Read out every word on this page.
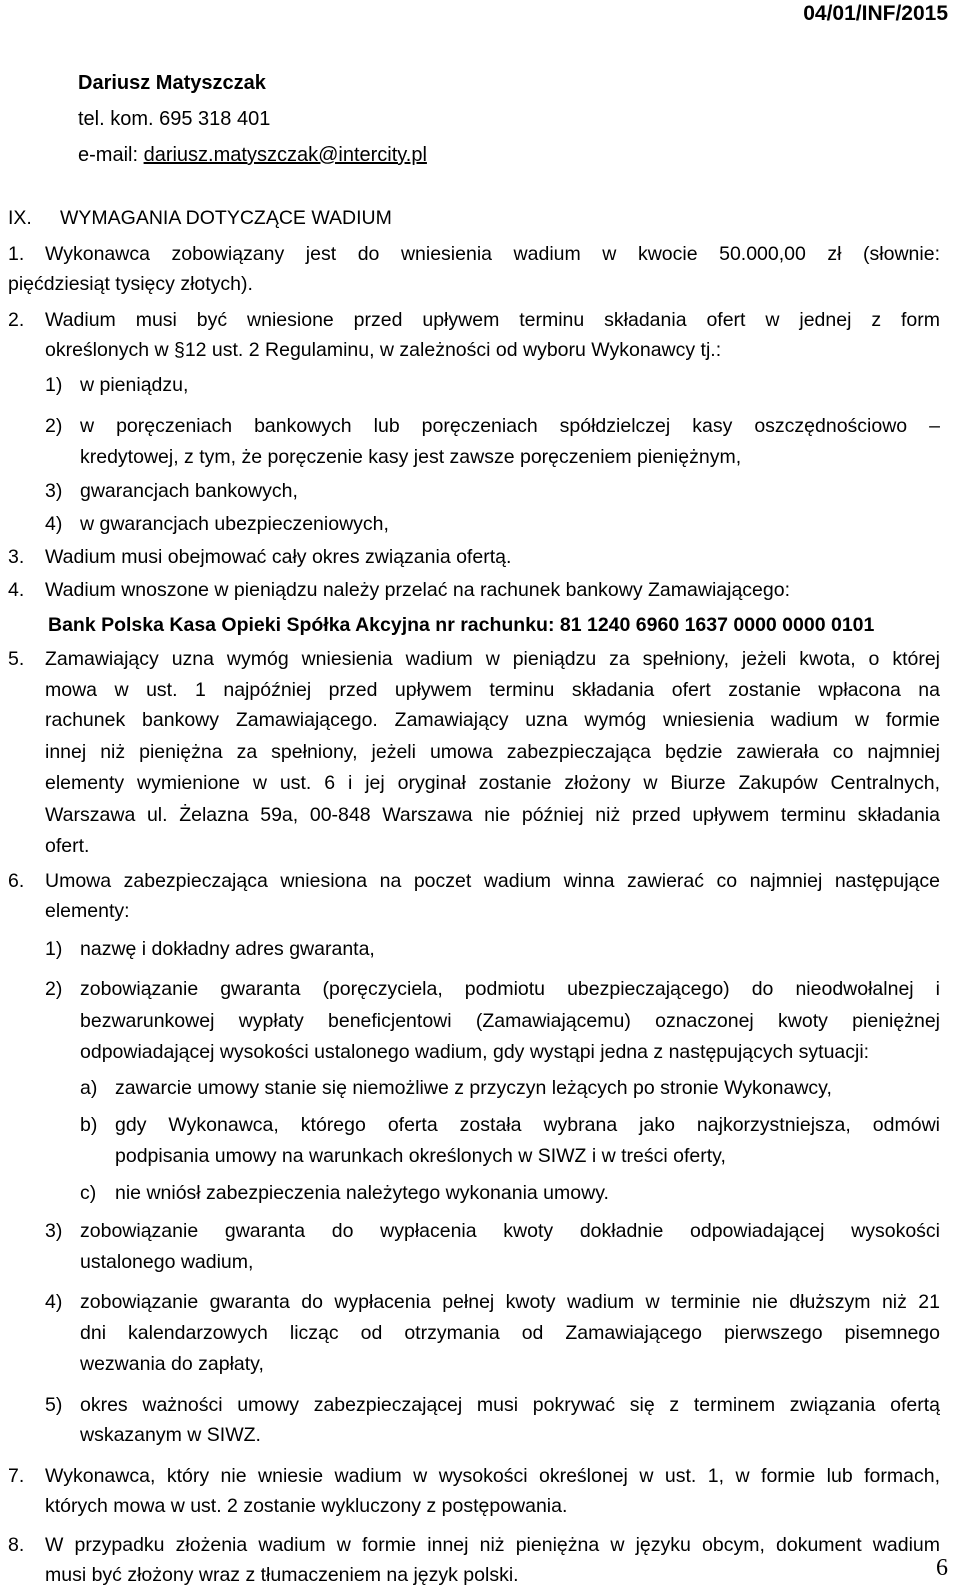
04/01/INF/2015
Dariusz Matyszczak
tel. kom. 695 318 401
e-mail: dariusz.matyszczak@intercity.pl
IX. WYMAGANIA DOTYCZĄCE WADIUM
1. Wykonawca zobowiązany jest do wniesienia wadium w kwocie 50.000,00 zł (słownie:
pięćdziesiąt tysięcy złotych).
2. Wadium musi być wniesione przed upływem terminu składania ofert w jednej z form
określonych w §12 ust. 2 Regulaminu, w zależności od wyboru Wykonawcy tj.:
1) w pieniądzu,
2) w poręczeniach bankowych lub poręczeniach spółdzielczej kasy oszczędnościowo –
kredytowej, z tym, że poręczenie kasy jest zawsze poręczeniem pieniężnym,
3) gwarancjach bankowych,
4) w gwarancjach ubezpieczeniowych,
3. Wadium musi obejmować cały okres związania ofertą.
4. Wadium wnoszone w pieniądzu należy przelać na rachunek bankowy Zamawiającego:
Bank Polska Kasa Opieki Spółka Akcyjna nr rachunku: 81 1240 6960 1637 0000 0000 0101
5. Zamawiający uzna wymóg wniesienia wadium w pieniądzu za spełniony, jeżeli kwota, o której
mowa w ust. 1 najpóźniej przed upływem terminu składania ofert zostanie wpłacona na
rachunek bankowy Zamawiającego. Zamawiający uzna wymóg wniesienia wadium w formie
innej niż pieniężna za spełniony, jeżeli umowa zabezpieczająca będzie zawierała co najmniej
elementy wymienione w ust. 6 i jej oryginał zostanie złożony w Biurze Zakupów Centralnych,
Warszawa ul. Żelazna 59a, 00-848 Warszawa nie później niż przed upływem terminu składania
ofert.
6. Umowa zabezpieczająca wniesiona na poczet wadium winna zawierać co najmniej następujące
elementy:
1) nazwę i dokładny adres gwaranta,
2) zobowiązanie gwaranta (poręczyciela, podmiotu ubezpieczającego) do nieodwołalnej i
bezwarunkowej wypłaty beneficjentowi (Zamawiającemu) oznaczonej kwoty pieniężnej
odpowiadającej wysokości ustalonego wadium, gdy wystąpi jedna z następujących sytuacji:
a) zawarcie umowy stanie się niemożliwe z przyczyn leżących po stronie Wykonawcy,
b) gdy Wykonawca, którego oferta została wybrana jako najkorzystniejsza, odmówi
podpisania umowy na warunkach określonych w SIWZ i w treści oferty,
c) nie wniósł zabezpieczenia należytego wykonania umowy.
3) zobowiązanie gwaranta do wypłacenia kwoty dokładnie odpowiadającej wysokości
ustalonego wadium,
4) zobowiązanie gwaranta do wypłacenia pełnej kwoty wadium w terminie nie dłuższym niż 21
dni kalendarzowych licząc od otrzymania od Zamawiającego pierwszego pisemnego
wezwania do zapłaty,
5) okres ważności umowy zabezpieczającej musi pokrywać się z terminem związania ofertą
wskazanym w SIWZ.
7. Wykonawca, który nie wniesie wadium w wysokości określonej w ust. 1, w formie lub formach,
których mowa w ust. 2 zostanie wykluczony z postępowania.
8. W przypadku złożenia wadium w formie innej niż pieniężna w języku obcym, dokument wadium
musi być złożony wraz z tłumaczeniem na język polski.	6
